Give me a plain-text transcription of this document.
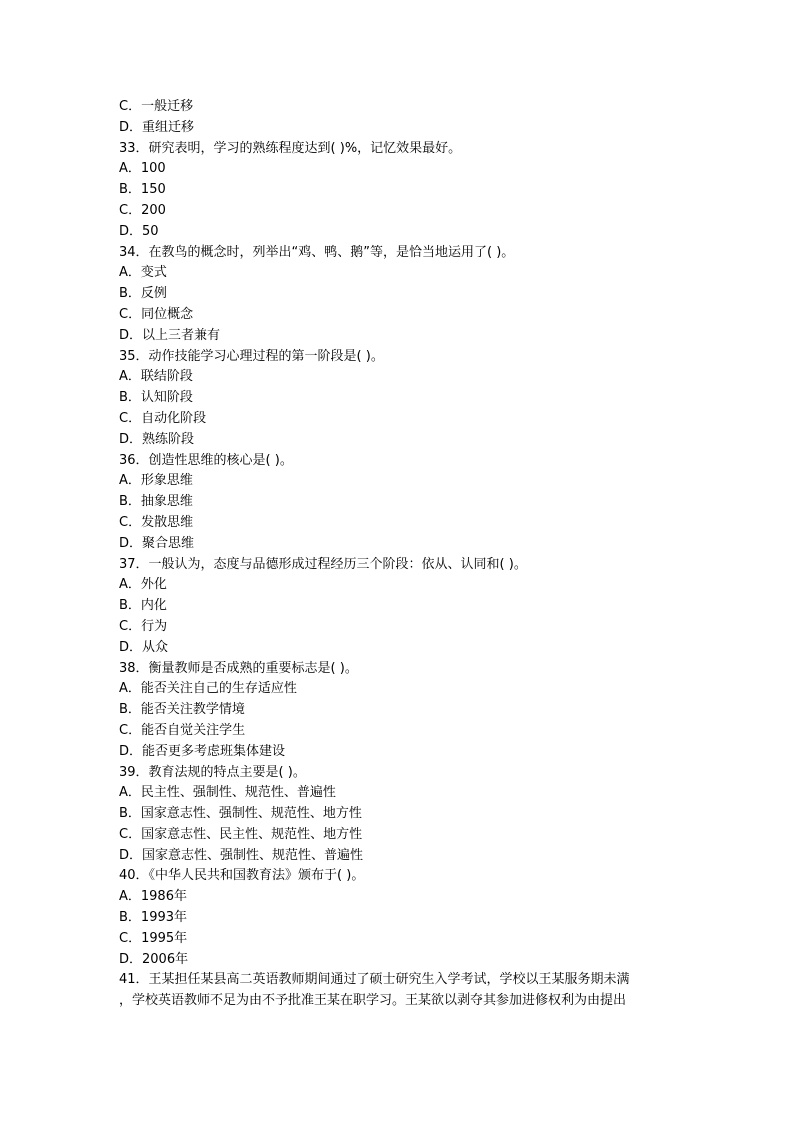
C．一般迁移
D．重组迁移
33．研究表明，学习的熟练程度达到( )%，记忆效果最好。
A．100
B．150
C．200
D．50
34．在教鸟的概念时，列举出“鸡、鸭、鹅”等，是恰当地运用了( )。
A．变式
B．反例
C．同位概念
D．以上三者兼有
35．动作技能学习心理过程的第一阶段是( )。
A．联结阶段
B．认知阶段
C．自动化阶段
D．熟练阶段
36．创造性思维的核心是( )。
A．形象思维
B．抽象思维
C．发散思维
D．聚合思维
37．一般认为，态度与品德形成过程经历三个阶段：依从、认同和( )。
A．外化
B．内化
C．行为
D．从众
38．衡量教师是否成熟的重要标志是( )。
A．能否关注自己的生存适应性
B．能否关注教学情境
C．能否自觉关注学生
D．能否更多考虑班集体建设
39．教育法规的特点主要是( )。
A．民主性、强制性、规范性、普遍性
B．国家意志性、强制性、规范性、地方性
C．国家意志性、民主性、规范性、地方性
D．国家意志性、强制性、规范性、普遍性
40．《中华人民共和国教育法》颁布于( )。
A．1986年
B．1993年
C．1995年
D．2006年
41．王某担任某县高二英语教师期间通过了硕士研究生入学考试，学校以王某服务期未满
，学校英语教师不足为由不予批准王某在职学习。王某欲以剥夺其参加进修权利为由提出
